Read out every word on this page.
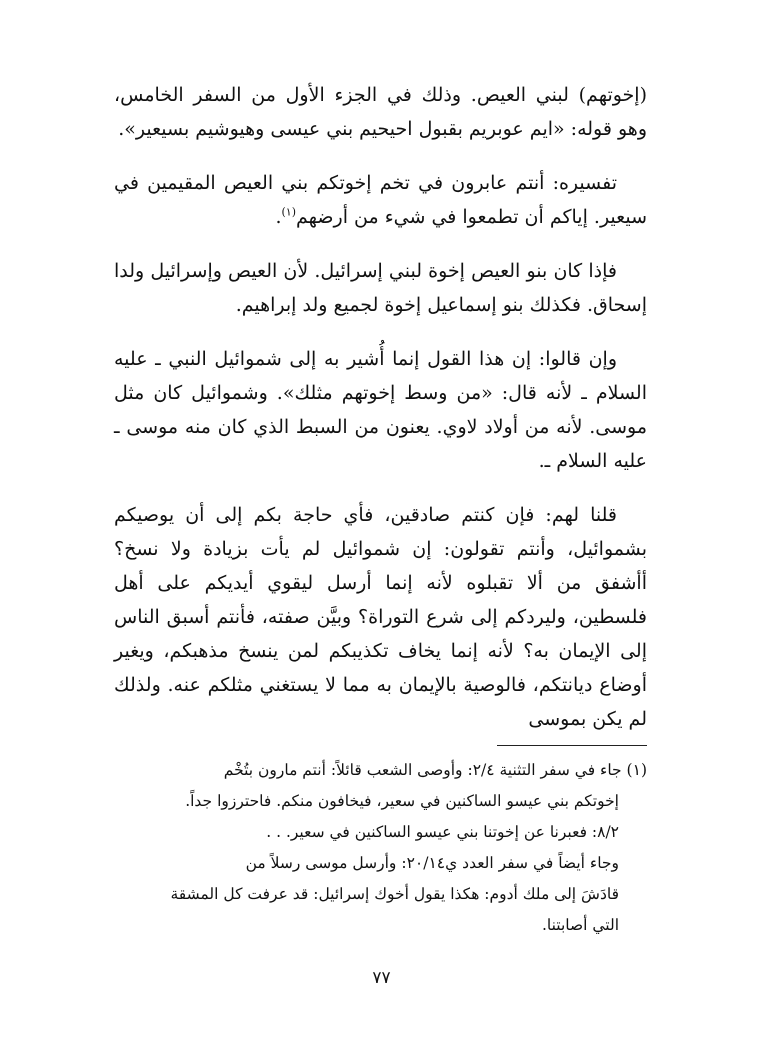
(إخوتهم) لبني العيص. وذلك في الجزء الأول من السفر الخامس، وهو قوله: «ايم عوبريم بقبول احيحيم بني عيسى وهيوشيم بسيعير».

تفسيره: أنتم عابرون في تخم إخوتكم بني العيص المقيمين في سيعير. إياكم أن تطمعوا في شيء من أرضهم$^{(١)}$.

فإذا كان بنو العيص إخوة لبني إسرائيل. لأن العيص وإسرائيل ولدا إسحاق. فكذلك بنو إسماعيل إخوة لجميع ولد إبراهيم.

وإن قالوا: إن هذا القول إنما أُشير به إلى شموائيل النبي ـ عليه السلام ـ لأنه قال: «من وسط إخوتهم مثلك». وشموائيل كان مثل موسى. لأنه من أولاد لاوي. يعنون من السبط الذي كان منه موسى ـ عليه السلام ـ.

قلنا لهم: فإن كنتم صادقين، فأي حاجة بكم إلى أن يوصيكم بشموائيل، وأنتم تقولون: إن شموائيل لم يأت بزيادة ولا نسخ؟ أأشفق من ألا تقبلوه لأنه إنما أرسل ليقوي أيديكم على أهل فلسطين، وليردكم إلى شرع التوراة؟ وبيَّن صفته، فأنتم أسبق الناس إلى الإيمان به؟ لأنه إنما يخاف تكذيبكم لمن ينسخ مذهبكم، ويغير أوضاع ديانتكم، فالوصية بالإيمان به مما لا يستغني مثلكم عنه. ولذلك لم يكن بموسى

(١) جاء في سفر التثنية ٢/٤: وأوصى الشعب قائلاً: أنتم مارون بتُخْم

إخوتكم بني عيسو الساكنين في سعير، فيخافون منكم. فاحترزوا جداً.

٨/٢: فعبرنا عن إخوتنا بني عيسو الساكنين في سعير. . .

وجاء أيضاً في سفر العدد ي٢٠/١٤: وأرسل موسى رسلاً من

قادَشَ إلى ملك أدوم: هكذا يقول أخوك إسرائيل: قد عرفت كل المشقة

التي أصابتنا.

٧٧
